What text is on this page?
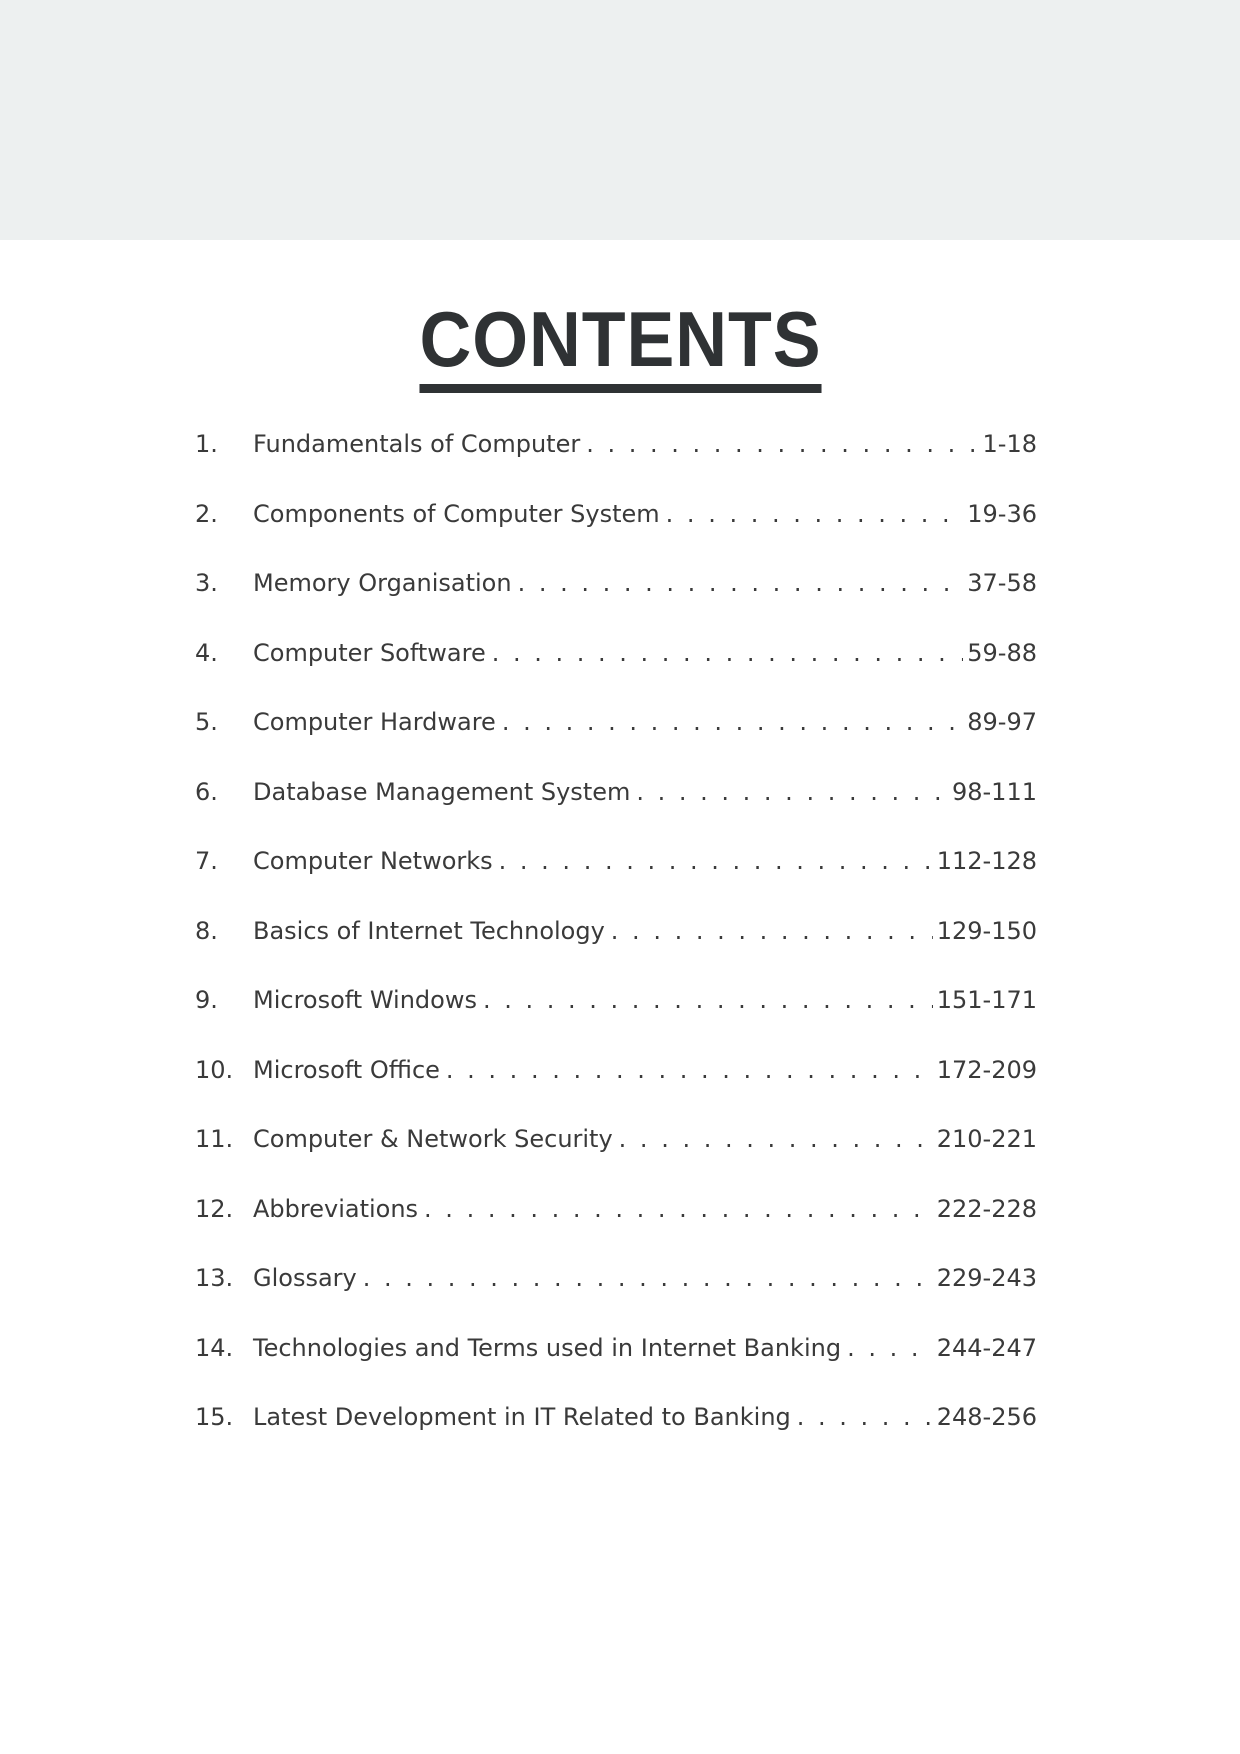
CONTENTS
1.	Fundamentals of Computer . . .	1-18
2.	Components of Computer System . . .	19-36
3.	Memory Organisation . . .	37-58
4.	Computer Software . . .	59-88
5.	Computer Hardware . . .	89-97
6.	Database Management System . . .	98-111
7.	Computer Networks . . .	112-128
8.	Basics of Internet Technology . . .	129-150
9.	Microsoft Windows . . .	151-171
10. Microsoft Office . . .	172-209
11. Computer & Network Security . . .	210-221
12. Abbreviations . . .	222-228
13. Glossary . . .	229-243
14. Technologies and Terms used in Internet Banking . . .	244-247
15. Latest Development in IT Related to Banking . . .	248-256
